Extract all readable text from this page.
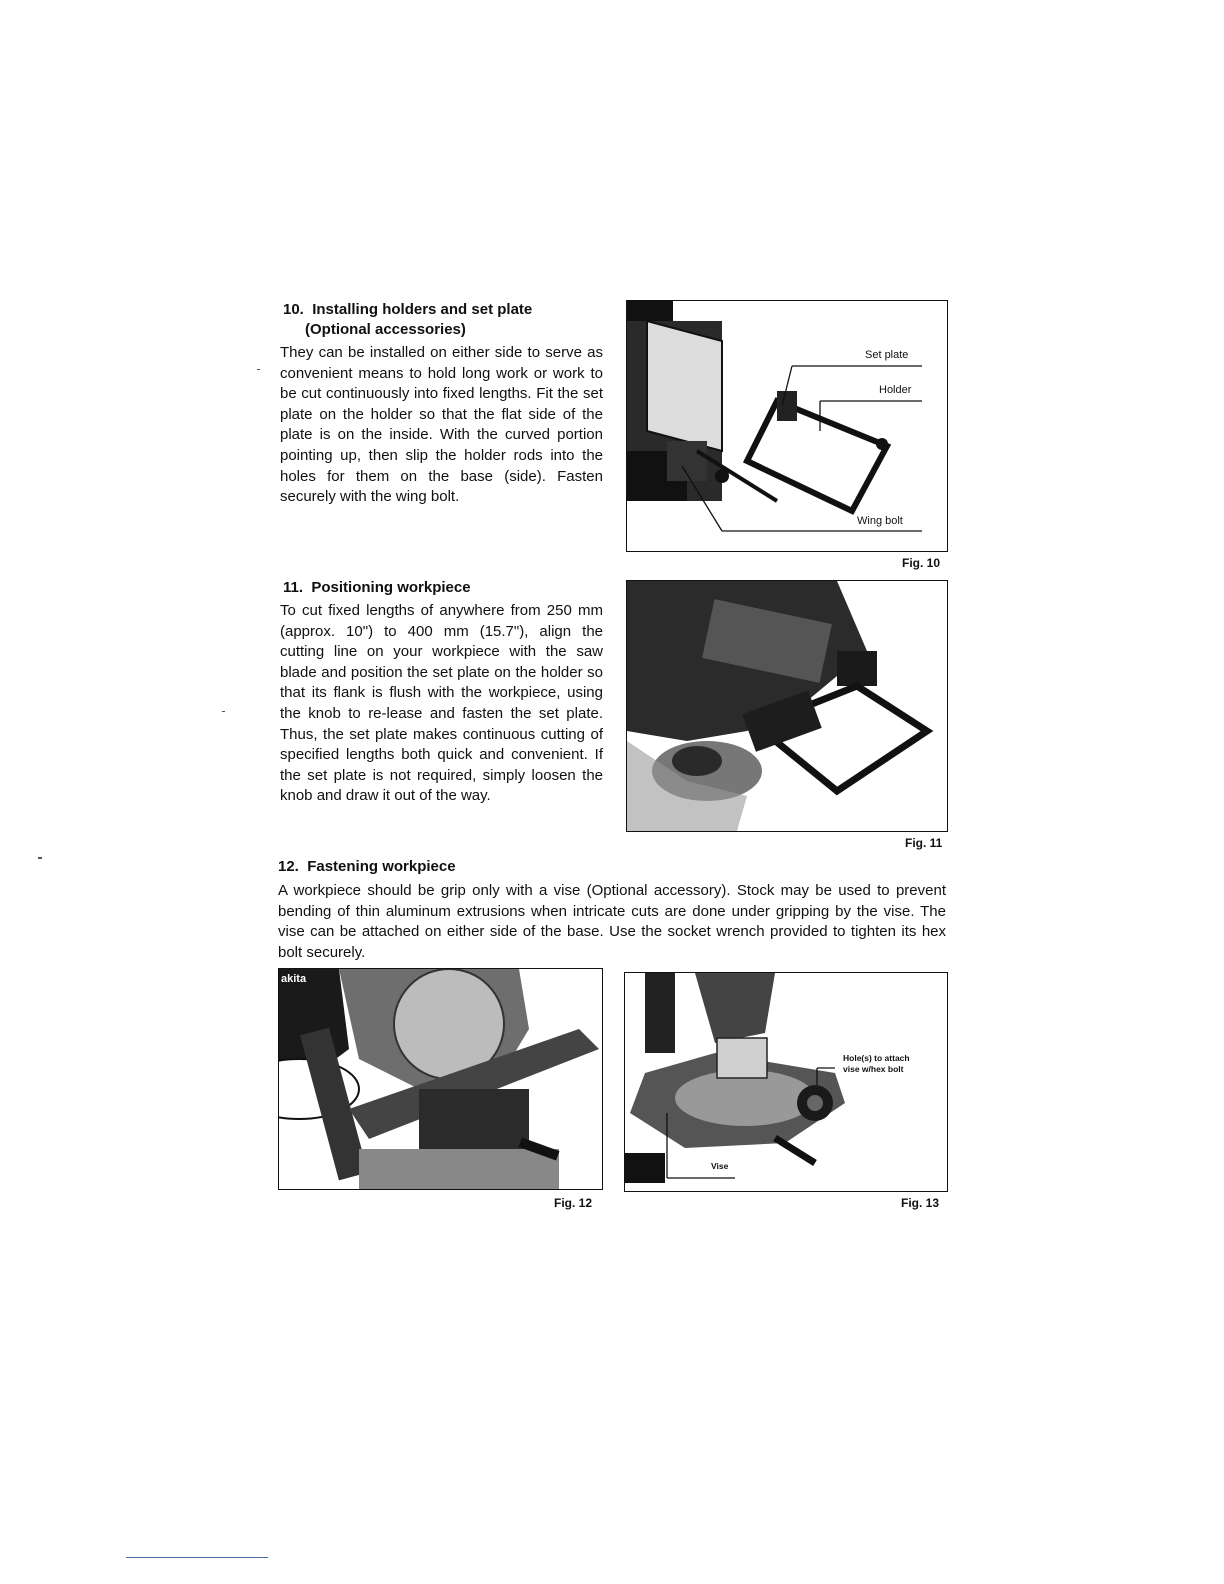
10. Installing holders and set plate
(Optional accessories)
They can be installed on either side to serve as convenient means to hold long work or work to be cut continuously into fixed lengths. Fit the set plate on the holder so that the flat side of the plate is on the inside. With the curved portion pointing up, then slip the holder rods into the holes for them on the base (side). Fasten securely with the wing bolt.
Set plate
Holder
Wing bolt
Fig. 10
11. Positioning workpiece
To cut fixed lengths of anywhere from 250 mm (approx. 10") to 400 mm (15.7"), align the cutting line on your workpiece with the saw blade and position the set plate on the holder so that its flank is flush with the workpiece, using the knob to re-lease and fasten the set plate. Thus, the set plate makes continuous cutting of specified lengths both quick and convenient. If the set plate is not required, simply loosen the knob and draw it out of the way.
Fig. 11
12. Fastening workpiece
A workpiece should be grip only with a vise (Optional accessory). Stock may be used to prevent bending of thin aluminum extrusions when intricate cuts are done under gripping by the vise. The vise can be attached on either side of the base. Use the socket wrench provided to tighten its hex bolt securely.
akita
Fig. 12
Hole(s) to attach
vise w/hex bolt
Vise
Fig. 13
